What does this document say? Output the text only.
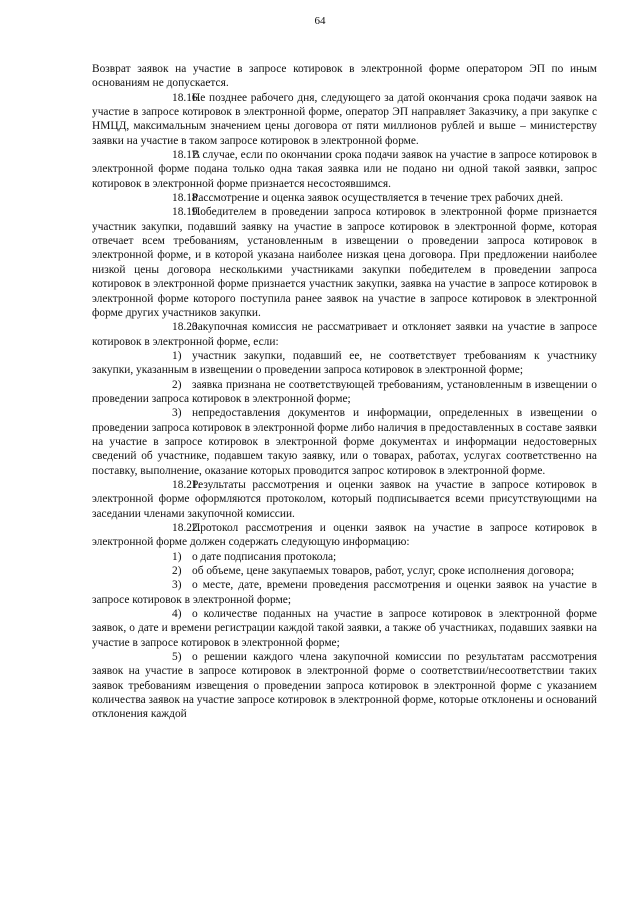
64

Возврат заявок на участие в запросе котировок в электронной форме оператором ЭП по иным основаниям не допускается.

18.16.Не позднее рабочего дня, следующего за датой окончания срока подачи заявок на участие в запросе котировок в электронной форме, оператор ЭП направляет Заказчику, а при закупке с НМЦД, максимальным значением цены договора от пяти миллионов рублей и выше – министерству заявки на участие в таком запросе котировок в электронной форме.

18.17.В случае, если по окончании срока подачи заявок на участие в запросе котировок в электронной форме подана только одна такая заявка или не подано ни одной такой заявки, запрос котировок в электронной форме признается несостоявшимся.

18.18.Рассмотрение и оценка заявок осуществляется в течение трех рабочих дней.

18.19.Победителем в проведении запроса котировок в электронной форме признается участник закупки, подавший заявку на участие в запросе котировок в электронной форме, которая отвечает всем требованиям, установленным в извещении о проведении запроса котировок в электронной форме, и в которой указана наиболее низкая цена договора. При предложении наиболее низкой цены договора несколькими участниками закупки победителем в проведении запроса котировок в электронной форме признается участник закупки, заявка на участие в запросе котировок в электронной форме которого поступила ранее заявок на участие в запросе котировок в электронной форме других участников закупки.

18.20.Закупочная комиссия не рассматривает и отклоняет заявки на участие в запросе котировок в электронной форме, если:

1) участник закупки, подавший ее, не соответствует требованиям к участнику закупки, указанным в извещении о проведении запроса котировок в электронной форме;

2) заявка признана не соответствующей требованиям, установленным в извещении о проведении запроса котировок в электронной форме;

3) непредоставления документов и информации, определенных в извещении о проведении запроса котировок в электронной форме либо наличия в предоставленных в составе заявки на участие в запросе котировок в электронной форме документах и информации недостоверных сведений об участнике, подавшем такую заявку, или о товарах, работах, услугах соответственно на поставку, выполнение, оказание которых проводится запрос котировок в электронной форме.

18.21.Результаты рассмотрения и оценки заявок на участие в запросе котировок в электронной форме оформляются протоколом, который подписывается всеми присутствующими на заседании членами закупочной комиссии.

18.22.Протокол рассмотрения и оценки заявок на участие в запросе котировок в электронной форме должен содержать следующую информацию:

1) о дате подписания протокола;

2) об объеме, цене закупаемых товаров, работ, услуг, сроке исполнения договора;

3) о месте, дате, времени проведения рассмотрения и оценки заявок на участие в запросе котировок в электронной форме;

4) о количестве поданных на участие в запросе котировок в электронной форме заявок, о дате и времени регистрации каждой такой заявки, а также об участниках, подавших заявки на участие в запросе котировок в электронной форме;

5) о решении каждого члена закупочной комиссии по результатам рассмотрения заявок на участие в запросе котировок в электронной форме о соответствии/несоответствии таких заявок требованиям извещения о проведении запроса котировок в электронной форме с указанием количества заявок на участие запросе котировок в электронной форме, которые отклонены и оснований отклонения каждой
